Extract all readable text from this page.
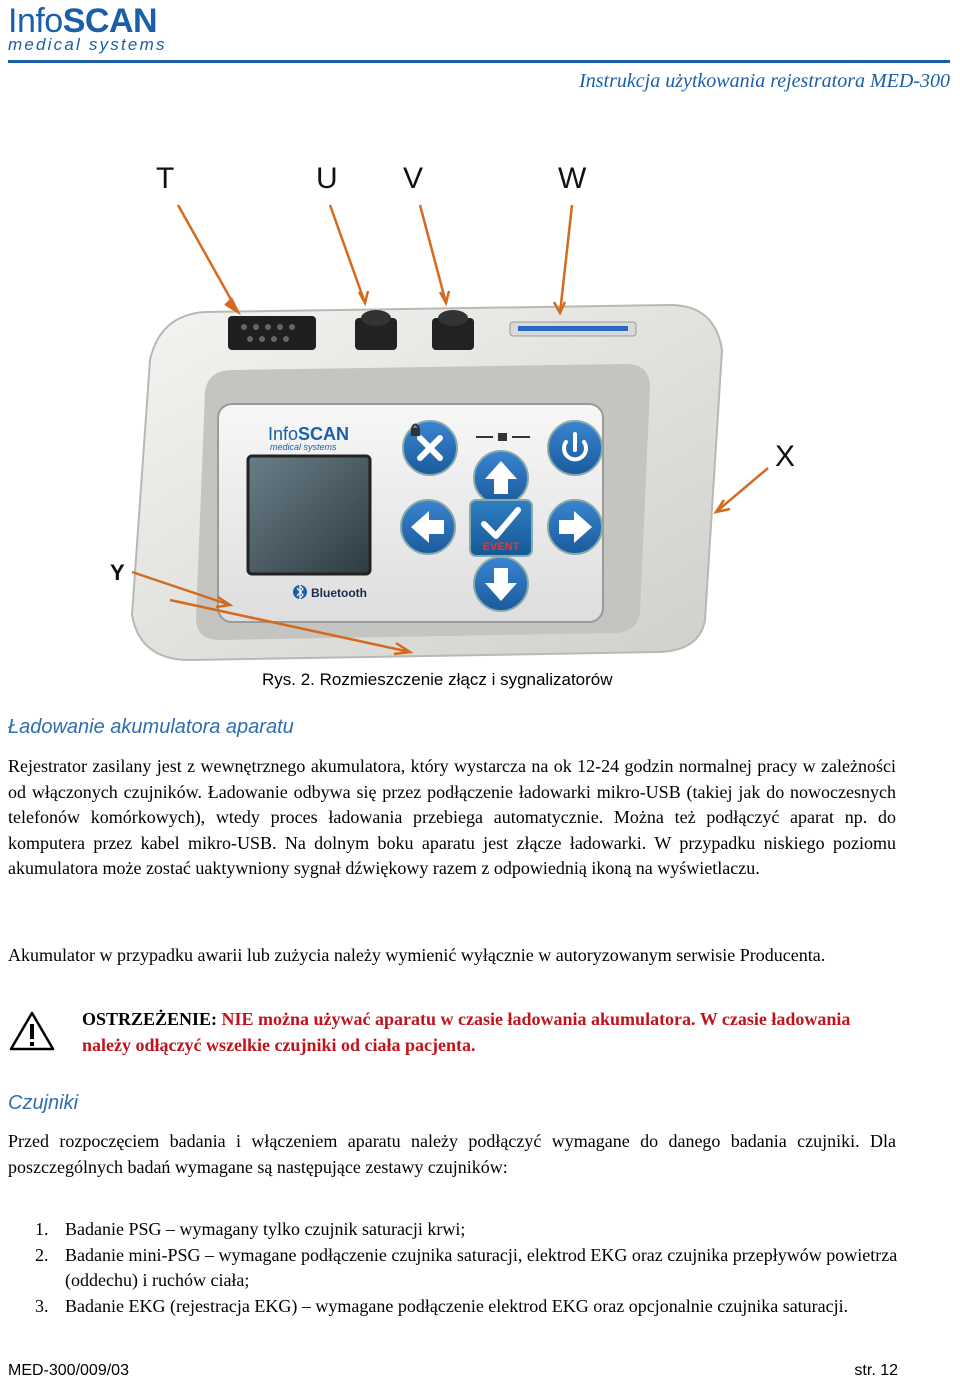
InfoSCAN
medical systems
Instrukcja użytkowania rejestratora MED-300
InfoSCAN
medical systems
EVENT
Bluetooth
T	U V	W
X
Y
Rys. 2. Rozmieszczenie złącz i sygnalizatorów
Ładowanie akumulatora aparatu
Rejestrator zasilany jest z wewnętrznego akumulatora, który wystarcza na ok 12-24 godzin normalnej pracy w zależności od włączonych czujników. Ładowanie odbywa się przez podłączenie ładowarki mikro-USB (takiej jak do nowoczesnych telefonów komórkowych), wtedy proces ładowania przebiega automatycznie. Można też podłączyć aparat np. do komputera przez kabel mikro-USB. Na dolnym boku aparatu jest złącze ładowarki. W przypadku niskiego poziomu akumulatora może zostać uaktywniony sygnał dźwiękowy razem z odpowiednią ikoną na wyświetlaczu.
Akumulator w przypadku awarii lub zużycia należy wymienić wyłącznie w autoryzowanym serwisie Producenta.
OSTRZEŻENIE: NIE można używać aparatu w czasie ładowania akumulatora. W czasie ładowania należy odłączyć wszelkie czujniki od ciała pacjenta.
Czujniki
Przed rozpoczęciem badania i włączeniem aparatu należy podłączyć wymagane do danego badania czujniki. Dla poszczególnych badań wymagane są następujące zestawy czujników:
1. Badanie PSG – wymagany tylko czujnik saturacji krwi;
2. Badanie mini-PSG – wymagane podłączenie czujnika saturacji, elektrod EKG oraz czujnika przepływów powietrza (oddechu) i ruchów ciała;
3. Badanie EKG (rejestracja EKG) – wymagane podłączenie elektrod EKG oraz opcjonalnie czujnika saturacji.
MED-300/009/03	str. 12
